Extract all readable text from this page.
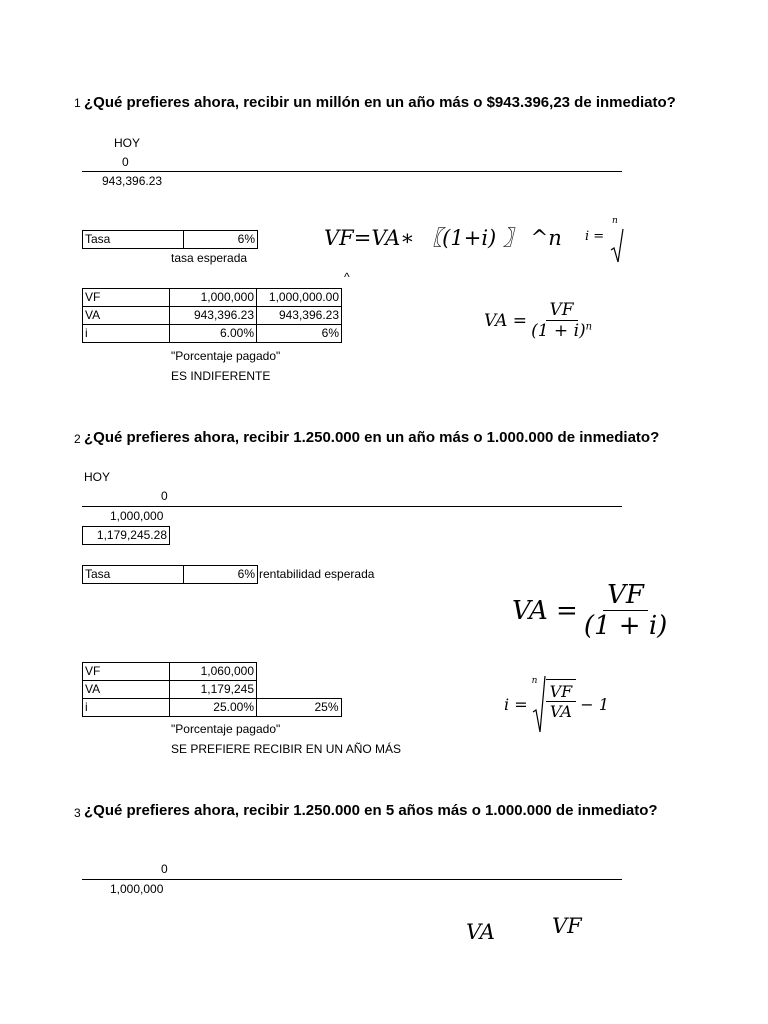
1 ¿Qué prefieres ahora, recibir un millón en un año más o $943.396,23 de inmediato?
HOY
0
943,396.23
Tasa	6%
tasa esperada
^
VF	1,000,000	1,000,000.00
VA	943,396.23	943,396.23
i	6.00%	6%
"Porcentaje pagado"
ES INDIFERENTE
VF=VA∗ 〖(1+i) 〗 ^n i =
n
VA = $\frac{VF}{(1 + i)^n}$
2 ¿Qué prefieres ahora, recibir 1.250.000 en un año más o 1.000.000 de inmediato?
HOY
0
1,000,000
1,179,245.28
Tasa	6% rentabilidad esperada
VF	1,060,000	
VA	1,179,245	
i	25.00%	25%
"Porcentaje pagado"
SE PREFIERE RECIBIR EN UN AÑO MÁS
VA = $\frac{VF}{(1 + i)}$
i =
n $\frac{VF}{VA} - 1$
3 ¿Qué prefieres ahora, recibir 1.250.000 en 5 años más o 1.000.000 de inmediato?
0
1,000,000
VF
VA
